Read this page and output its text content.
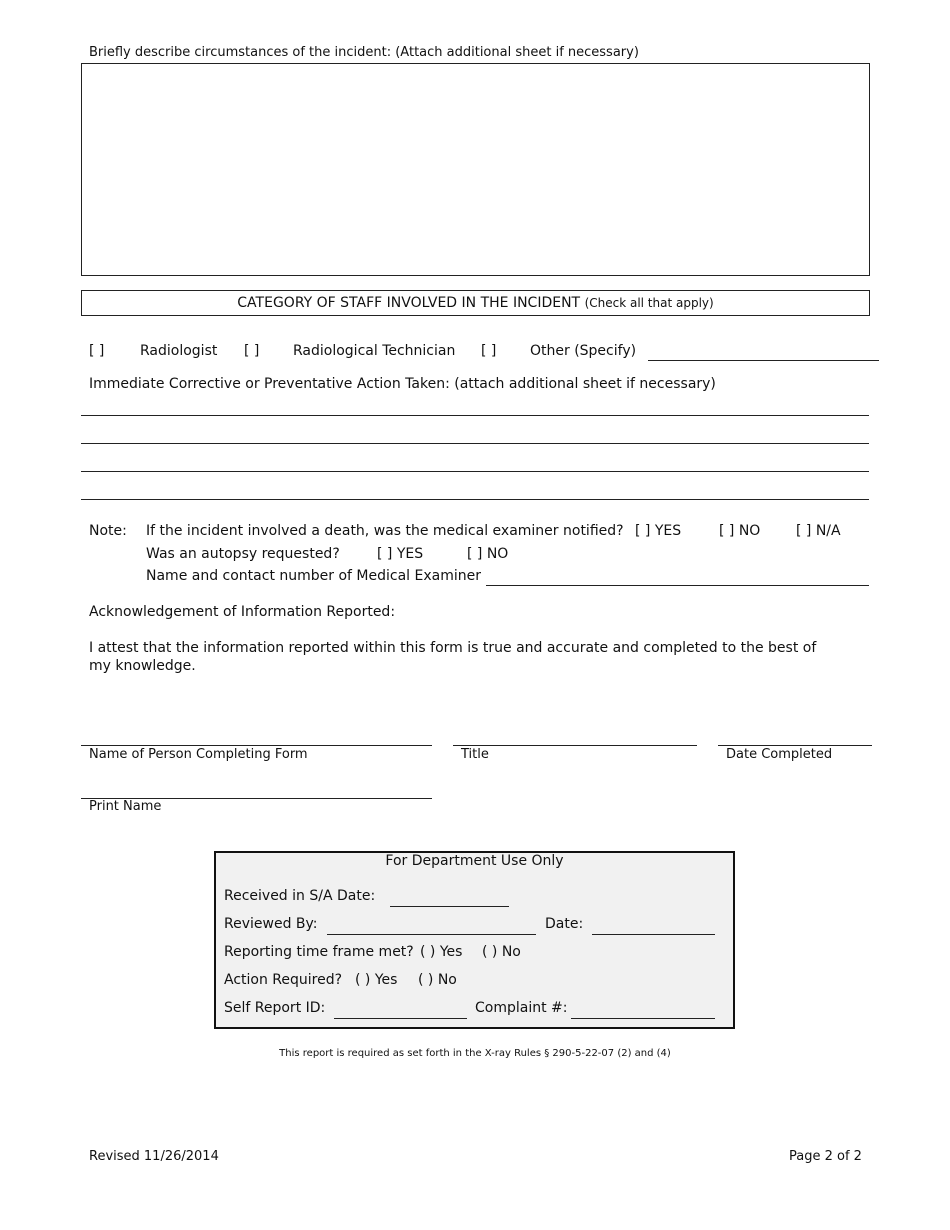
Briefly describe circumstances of the incident: (Attach additional sheet if necessary)
CATEGORY OF STAFF INVOLVED IN THE INCIDENT (Check all that apply)
[ ]	Radiologist [ ] Radiological Technician [ ] Other (Specify)
Immediate Corrective or Preventative Action Taken: (attach additional sheet if necessary)
Note: If the incident involved a death, was the medical examiner notified? [ ] YES	[ ] NO	[ ] N/A
Was an autopsy requested?	[ ] YES	[ ] NO
Name and contact number of Medical Examiner
Acknowledgement of Information Reported:
I attest that the information reported within this form is true and accurate and completed to the best of
my knowledge.
Name of Person Completing Form	Title	Date Completed
Print Name
For Department Use Only
Received in S/A Date:
Reviewed By:	Date:
Reporting time frame met? ( ) Yes ( ) No
Action Required? ( ) Yes ( ) No
Self Report ID:	Complaint #:
This report is required as set forth in the X-ray Rules § 290-5-22-07 (2) and (4)
Revised 11/26/2014	Page 2 of 2
